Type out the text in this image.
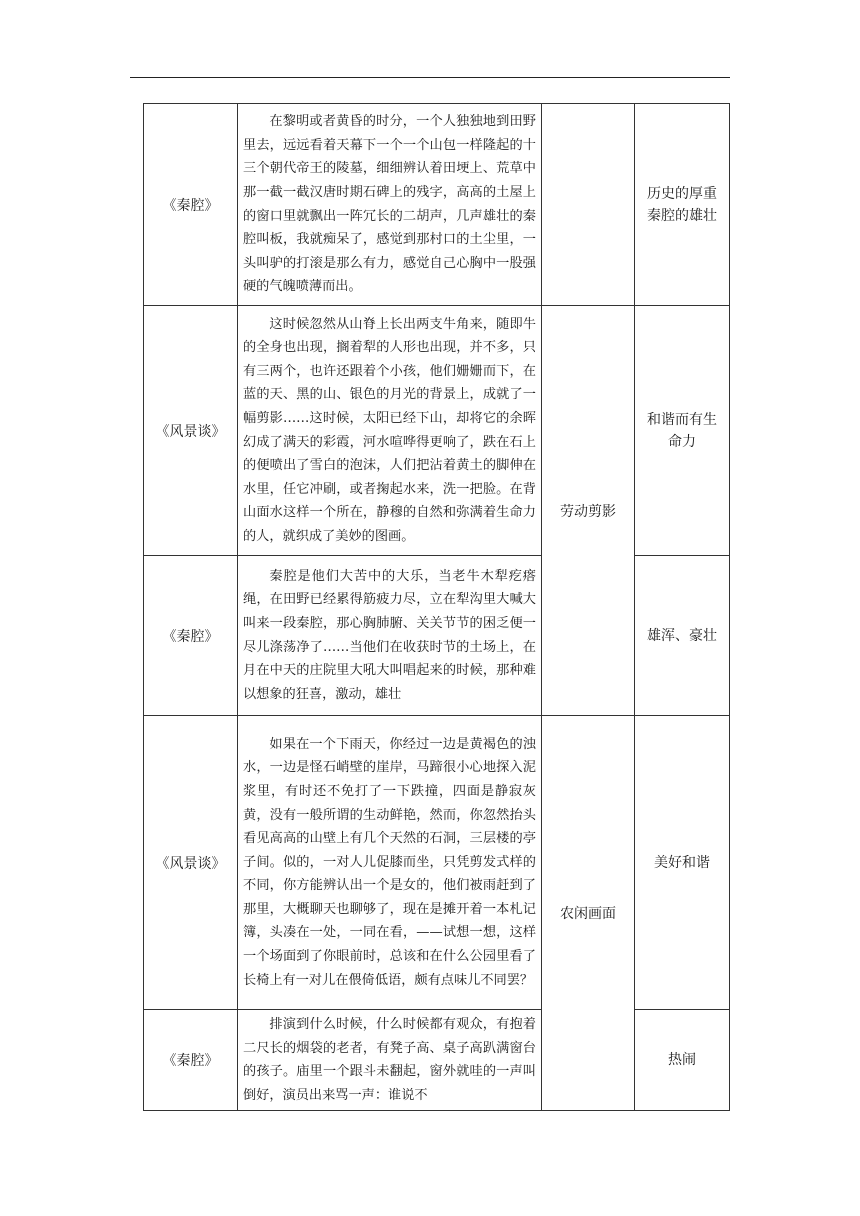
《秦腔》	在黎明或者黄昏的时分，一个人独独地到田野里去，远远看着天幕下一个一个山包一样隆起的十三个朝代帝王的陵墓，细细辨认着田埂上、荒草中那一截一截汉唐时期石碑上的残字，高高的土屋上的窗口里就飘出一阵冗长的二胡声，几声雄壮的秦腔叫板，我就痴呆了，感觉到那村口的土尘里，一头叫驴的打滚是那么有力，感觉自己心胸中一股强硬的气魄喷薄而出。		历史的厚重秦腔的雄壮
《风景谈》	这时候忽然从山脊上长出两支牛角来，随即牛的全身也出现，搁着犁的人形也出现，并不多，只有三两个，也许还跟着个小孩，他们姗姗而下，在蓝的天、黑的山、银色的月光的背景上，成就了一幅剪影……这时候，太阳已经下山，却将它的余晖幻成了满天的彩霞，河水喧哗得更响了，跌在石上的便喷出了雪白的泡沫，人们把沾着黄土的脚伸在水里，任它冲刷，或者掬起水来，洗一把脸。在背山面水这样一个所在，静穆的自然和弥满着生命力的人，就织成了美妙的图画。	劳动剪影	和谐而有生命力
《秦腔》	秦腔是他们大苦中的大乐，当老牛木犁疙瘩绳，在田野已经累得筋疲力尽，立在犁沟里大喊大叫来一段秦腔，那心胸肺腑、关关节节的困乏便一尽儿涤荡净了……当他们在收获时节的土场上，在月在中天的庄院里大吼大叫唱起来的时候，那种难以想象的狂喜，激动，雄壮		雄浑、豪壮
《风景谈》	如果在一个下雨天，你经过一边是黄褐色的浊水，一边是怪石峭壁的崖岸，马蹄很小心地探入泥浆里，有时还不免打了一下跌撞，四面是静寂灰黄，没有一般所谓的生动鲜艳，然而，你忽然抬头看见高高的山壁上有几个天然的石洞，三层楼的亭子间。似的，一对人儿促膝而坐，只凭剪发式样的不同，你方能辨认出一个是女的，他们被雨赶到了那里，大概聊天也聊够了，现在是摊开着一本札记簿，头凑在一处，一同在看，——试想一想，这样一个场面到了你眼前时，总该和在什么公园里看了长椅上有一对儿在偎倚低语，颇有点味儿不同罢？	农闲画面	美好和谐
《秦腔》	排演到什么时候，什么时候都有观众，有抱着二尺长的烟袋的老者，有凳子高、桌子高趴满窗台的孩子。庙里一个跟斗未翻起，窗外就哇的一声叫倒好，演员出来骂一声：谁说不		热闹
